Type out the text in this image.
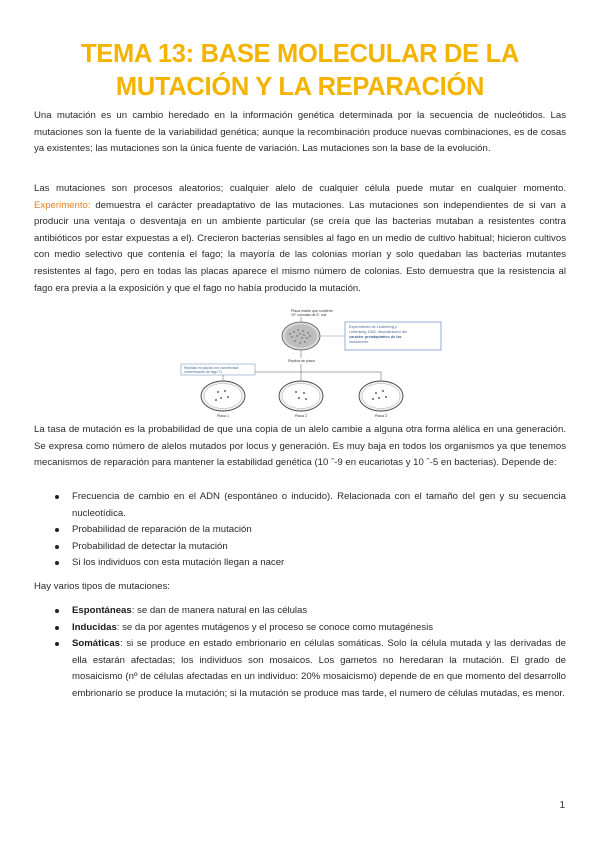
TEMA 13: BASE MOLECULAR DE LA
MUTACIÓN Y LA REPARACIÓN
Una mutación es un cambio heredado en la información genética determinada por la secuencia de nucleótidos. Las mutaciones son la fuente de la variabilidad genética; aunque la recombinación produce nuevas combinaciones, es de cosas ya existentes; las mutaciones son la única fuente de variación. Las mutaciones son la base de la evolución.
Las mutaciones son procesos aleatorios; cualquier alelo de cualquier célula puede mutar en cualquier momento. Experimento: demuestra el carácter preadaptativo de las mutaciones. Las mutaciones son independientes de si van a producir una ventaja o desventaja en un ambiente particular (se creía que las bacterias mutaban a resistentes contra antibióticos por estar expuestas a el). Crecieron bacterias sensibles al fago en un medio de cultivo habitual; hicieron cultivos con medio selectivo que contenía el fago; la mayoría de las colonias morían y solo quedaban las bacterias mutantes resistentes al fago, pero en todas las placas aparece el mismo número de colonias. Esto demuestra que la resistencia al fago era previa a la exposición y que el fago no había producido la mutación.
Placa madre que contiene 10⁷ colonias de E. coli
Experimento de Lederberg y Lederberg 1952: demostración del carácter preadaptativo de las mutaciones
Réplica de placa
Réplicas en placas con una elevada concentración de fago T1
Placa 1	Placa 2	Placa 3
La tasa de mutación es la probabilidad de que una copia de un alelo cambie a alguna otra forma alélica en una generación. Se expresa como número de alelos mutados por locus y generación. Es muy baja en todos los organismos ya que tenemos mecanismos de reparación para mantener la estabilidad genética (10 ˆ-9 en eucariotas y 10 ˆ-5 en bacterias). Depende de:
Frecuencia de cambio en el ADN (espontáneo o inducido). Relacionada con el tamaño del gen y su secuencia nucleotídica.
Probabilidad de reparación de la mutación
Probabilidad de detectar la mutación
Si los individuos con esta mutación llegan a nacer
Hay varios tipos de mutaciones:
Espontáneas: se dan de manera natural en las células
Inducidas: se da por agentes mutágenos y el proceso se conoce como mutagénesis
Somáticas: si se produce en estado embrionario en células somáticas. Solo la célula mutada y las derivadas de ella estarán afectadas; los individuos son mosaicos. Los gametos no heredaran la mutación. El grado de mosaicismo (nº de células afectadas en un individuo: 20% mosaicismo) depende de en que momento del desarrollo embrionario se produce la mutación; si la mutación se produce mas tarde, el numero de células mutadas, es menor.
1
